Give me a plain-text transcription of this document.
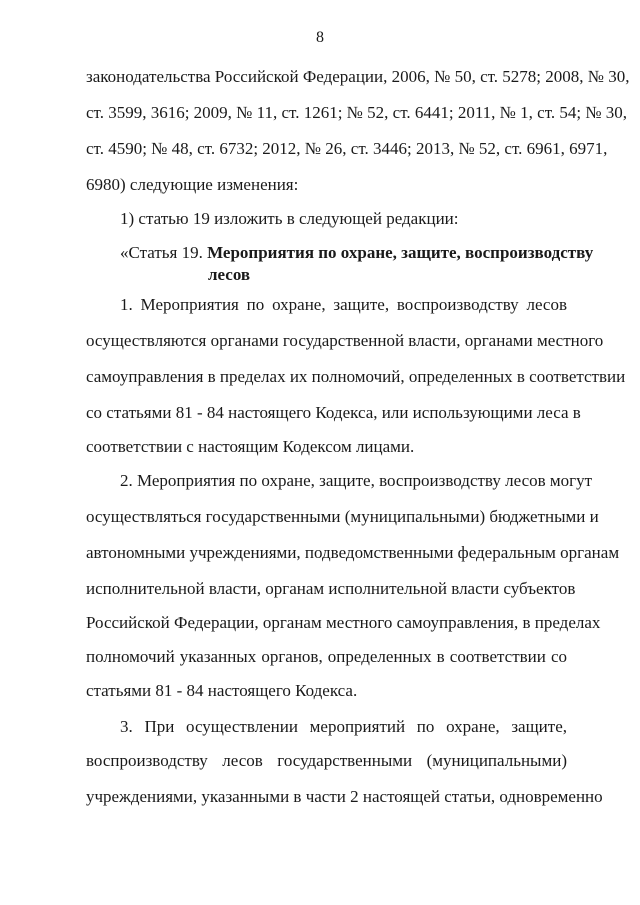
8
законодательства Российской Федерации, 2006, № 50, ст. 5278; 2008, № 30,
ст. 3599, 3616; 2009, № 11, ст. 1261; № 52, ст. 6441; 2011, № 1, ст. 54; № 30,
ст. 4590; № 48, ст. 6732; 2012, № 26, ст. 3446; 2013, № 52, ст. 6961, 6971,
6980) следующие изменения:
1) статью 19 изложить в следующей редакции:
«Статья 19. Мероприятия по охране, защите, воспроизводству
лесов
1. Мероприятия по охране, защите, воспроизводству лесов
осуществляются органами государственной власти, органами местного
самоуправления в пределах их полномочий, определенных в соответствии
со статьями 81 - 84 настоящего Кодекса, или использующими леса в
соответствии с настоящим Кодексом лицами.
2. Мероприятия по охране, защите, воспроизводству лесов могут
осуществляться государственными (муниципальными) бюджетными и
автономными учреждениями, подведомственными федеральным органам
исполнительной власти, органам исполнительной власти субъектов
Российской Федерации, органам местного самоуправления, в пределах
полномочий указанных органов, определенных в соответствии со
статьями 81 - 84 настоящего Кодекса.
3. При осуществлении мероприятий по охране, защите,
воспроизводству лесов государственными (муниципальными)
учреждениями, указанными в части 2 настоящей статьи, одновременно
